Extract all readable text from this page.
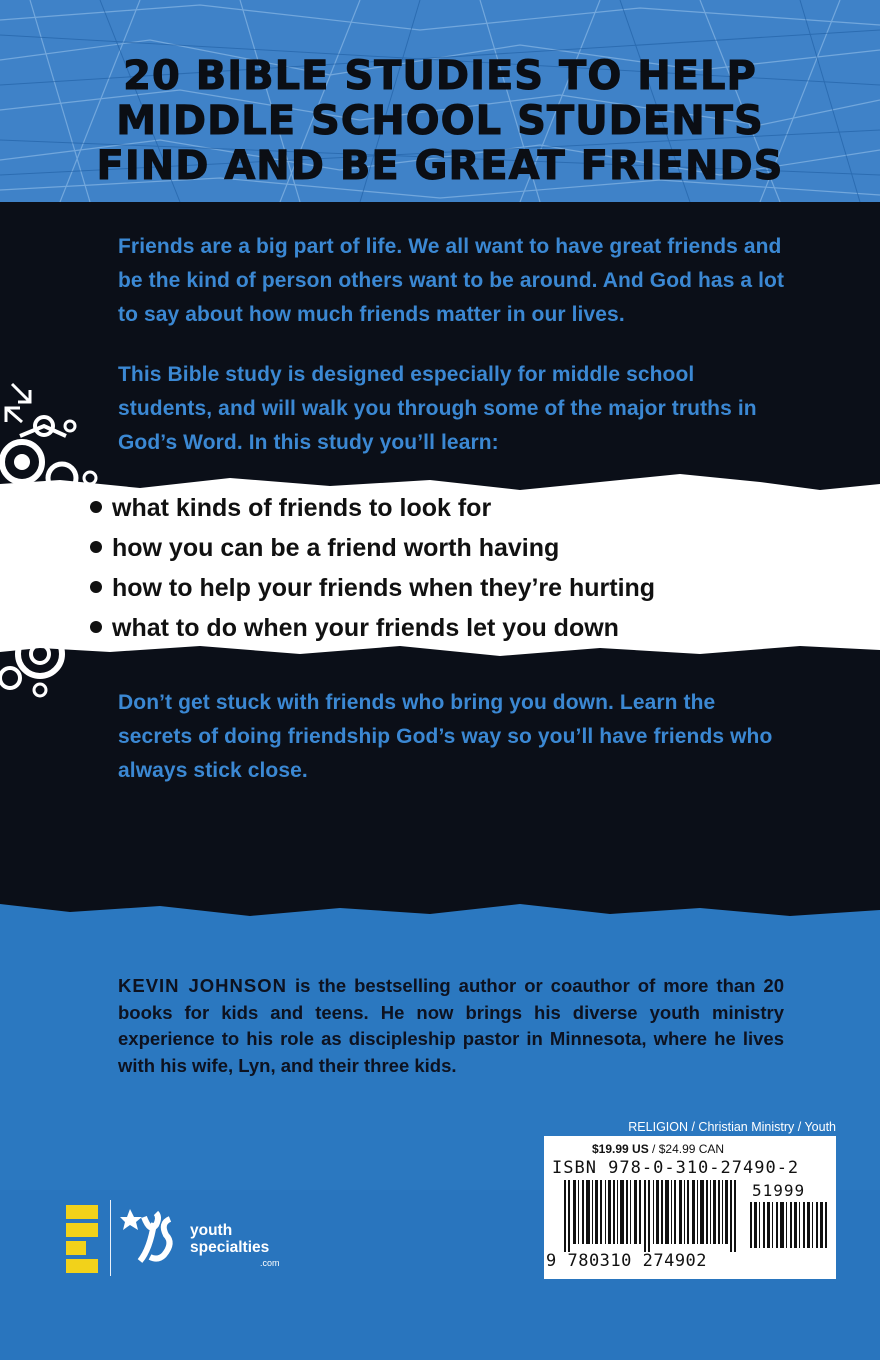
20 BIBLE STUDIES TO HELP
MIDDLE SCHOOL STUDENTS
FIND AND BE GREAT FRIENDS

Friends are a big part of life. We all want to have great friends and be the kind of person others want to be around. And God has a lot to say about how much friends matter in our lives.

This Bible study is designed especially for middle school students, and will walk you through some of the major truths in God’s Word. In this study you’ll learn:

what kinds of friends to look for
how you can be a friend worth having
how to help your friends when they’re hurting
what to do when your friends let you down

Don’t get stuck with friends who bring you down. Learn the secrets of doing friendship God’s way so you’ll have friends who always stick close.

KEVIN JOHNSON is the bestselling author or coauthor of more than 20 books for kids and teens. He now brings his diverse youth ministry experience to his role as discipleship pastor in Minnesota, where he lives with his wife, Lyn, and their three kids.

RELIGION / Christian Ministry / Youth
$19.99 US / $24.99 CAN
ISBN 978-0-310-27490-2
51999
9 780310 274902

youth
specialties

.com
